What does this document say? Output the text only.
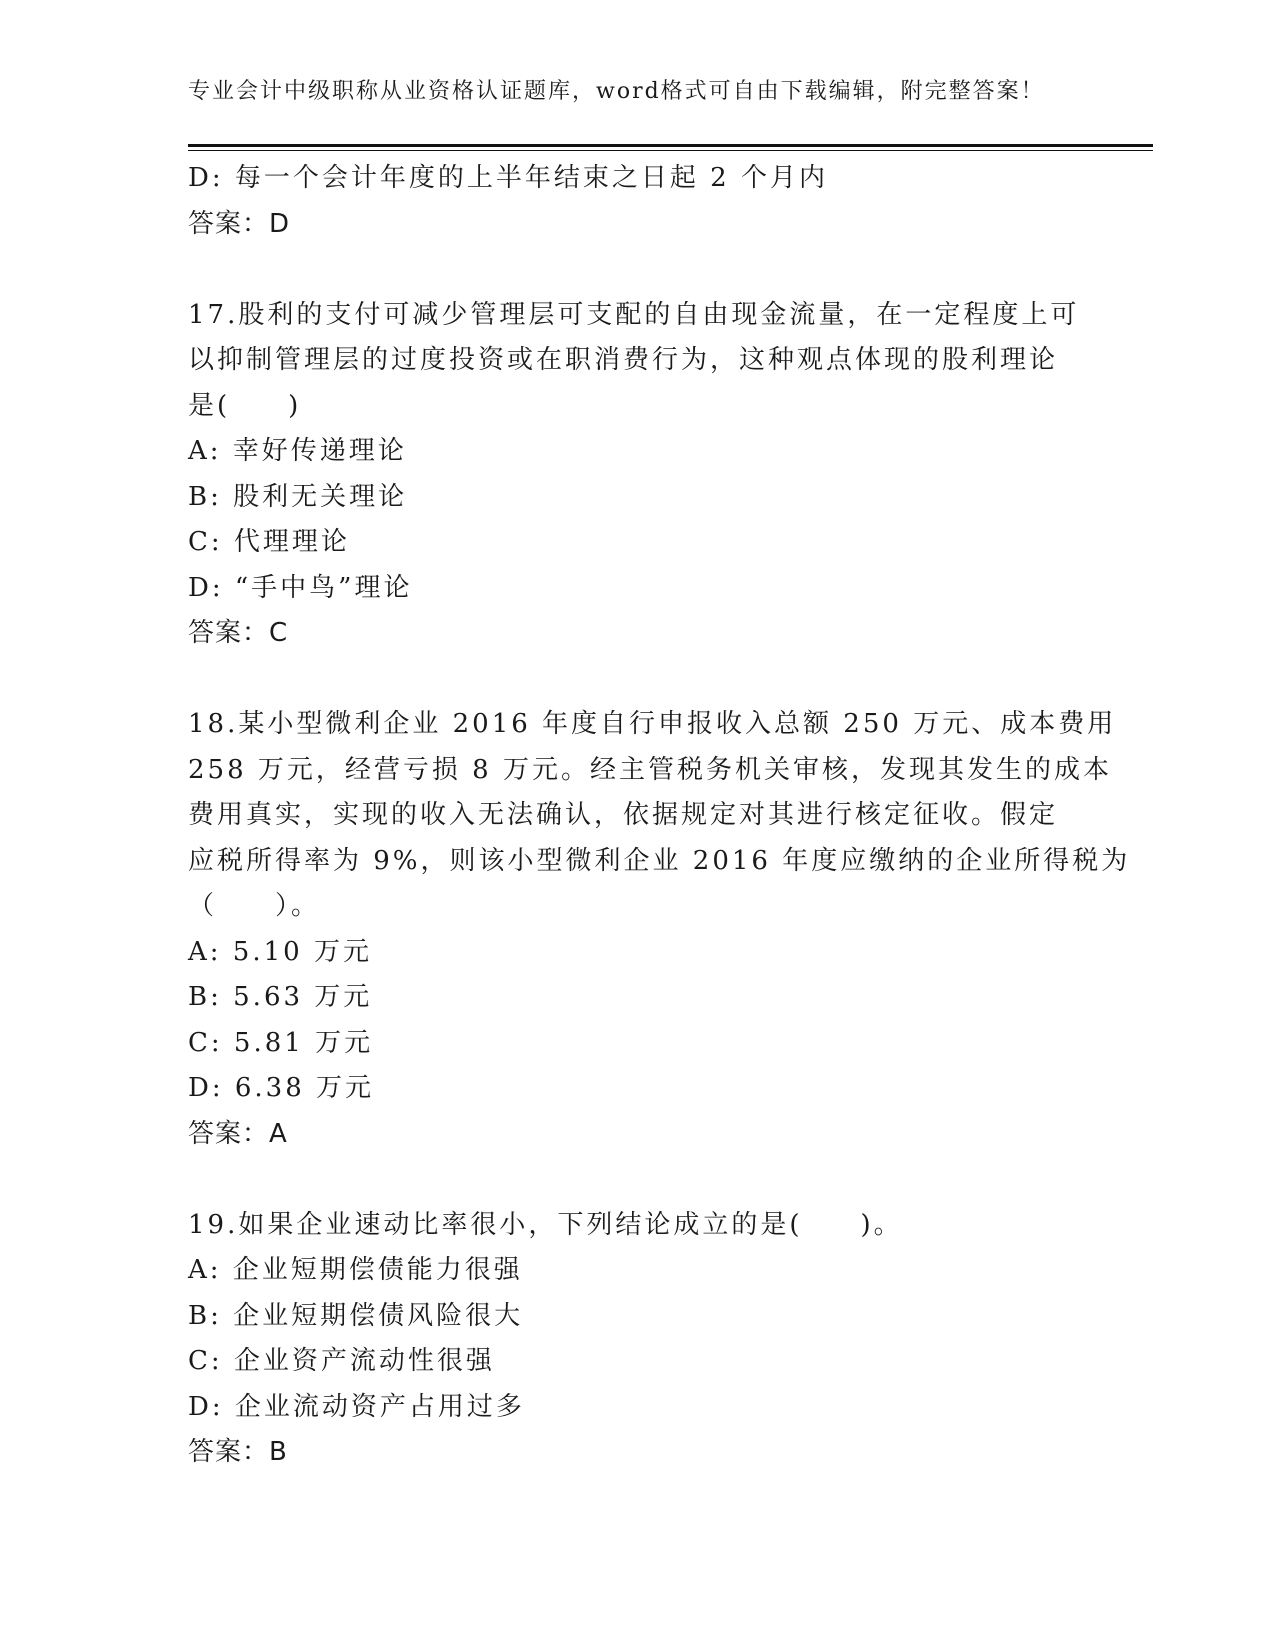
专业会计中级职称从业资格认证题库，word格式可自由下载编辑，附完整答案！
D: 每一个会计年度的上半年结束之日起 2 个月内
答案：D
17.股利的支付可减少管理层可支配的自由现金流量，在一定程度上可
以抑制管理层的过度投资或在职消费行为，这种观点体现的股利理论
是(　　)
A: 幸好传递理论
B: 股利无关理论
C: 代理理论
D: “手中鸟”理论
答案：C
18.某小型微利企业 2016 年度自行申报收入总额 250 万元、成本费用
258 万元，经营亏损 8 万元。经主管税务机关审核，发现其发生的成本
费用真实，实现的收入无法确认，依据规定对其进行核定征收。假定
应税所得率为 9%，则该小型微利企业 2016 年度应缴纳的企业所得税为
（　　）。
A: 5.10 万元
B: 5.63 万元
C: 5.81 万元
D: 6.38 万元
答案：A
19.如果企业速动比率很小，下列结论成立的是(　　)。
A: 企业短期偿债能力很强
B: 企业短期偿债风险很大
C: 企业资产流动性很强
D: 企业流动资产占用过多
答案：B
